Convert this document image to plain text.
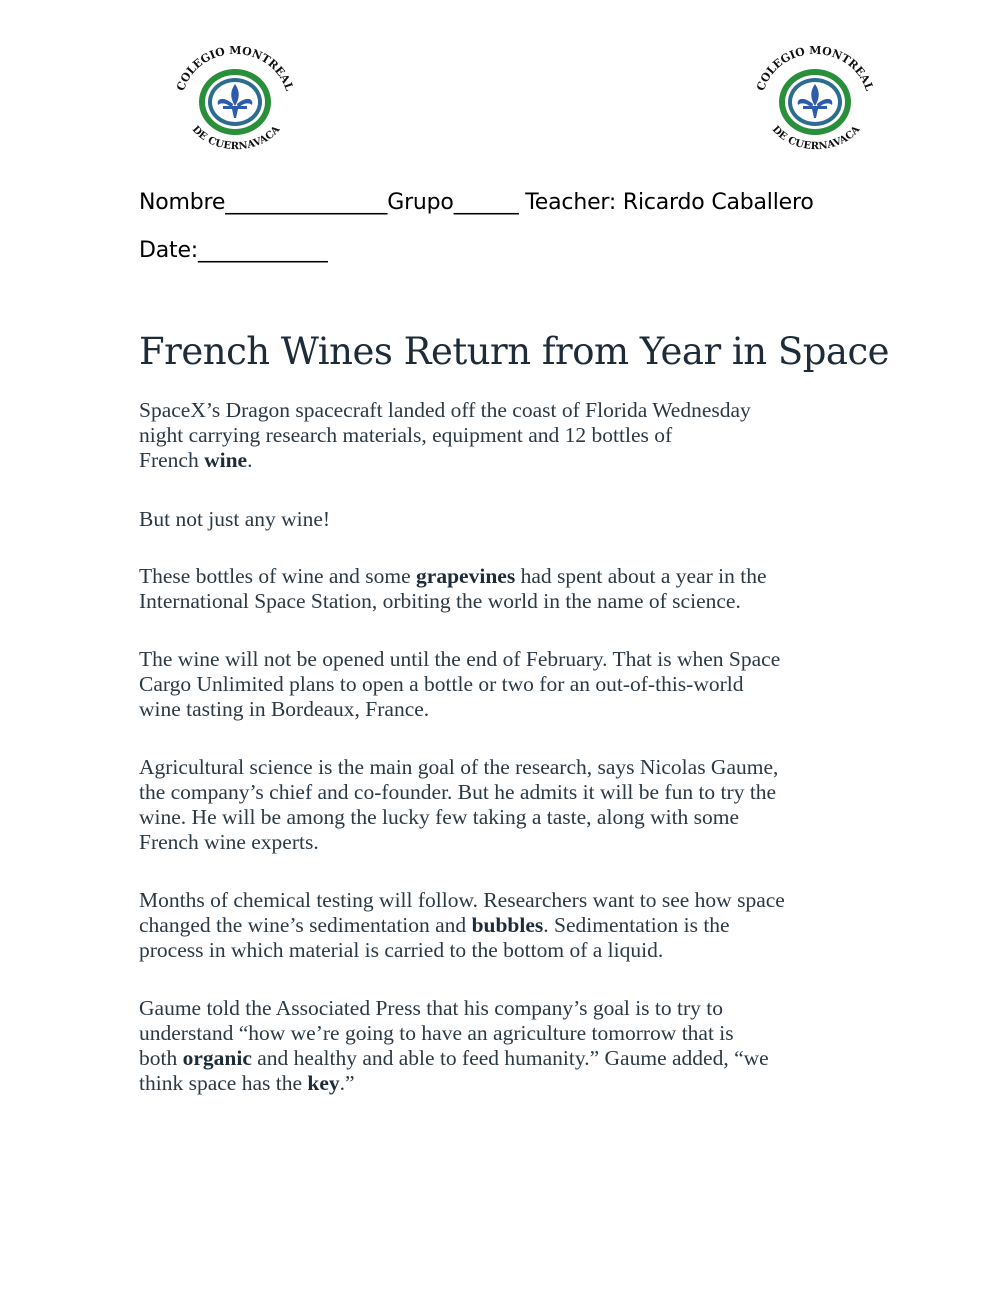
COLEGIO MONTREAL
DE CUERNAVACA
COLEGIO MONTREAL
DE CUERNAVACA
Nombre_______________Grupo______ Teacher: Ricardo Caballero
Date:____________
French Wines Return from Year in Space

SpaceX’s Dragon spacecraft landed off the coast of Florida Wednesday
night carrying research materials, equipment and 12 bottles of
French wine.

But not just any wine!

These bottles of wine and some grapevines had spent about a year in the
International Space Station, orbiting the world in the name of science.

The wine will not be opened until the end of February. That is when Space
Cargo Unlimited plans to open a bottle or two for an out-of-this-world
wine tasting in Bordeaux, France.

Agricultural science is the main goal of the research, says Nicolas Gaume,
the company’s chief and co-founder. But he admits it will be fun to try the
wine. He will be among the lucky few taking a taste, along with some
French wine experts.

Months of chemical testing will follow. Researchers want to see how space
changed the wine’s sedimentation and bubbles. Sedimentation is the
process in which material is carried to the bottom of a liquid.

Gaume told the Associated Press that his company’s goal is to try to
understand “how we’re going to have an agriculture tomorrow that is
both organic and healthy and able to feed humanity.” Gaume added, “we
think space has the key.”
